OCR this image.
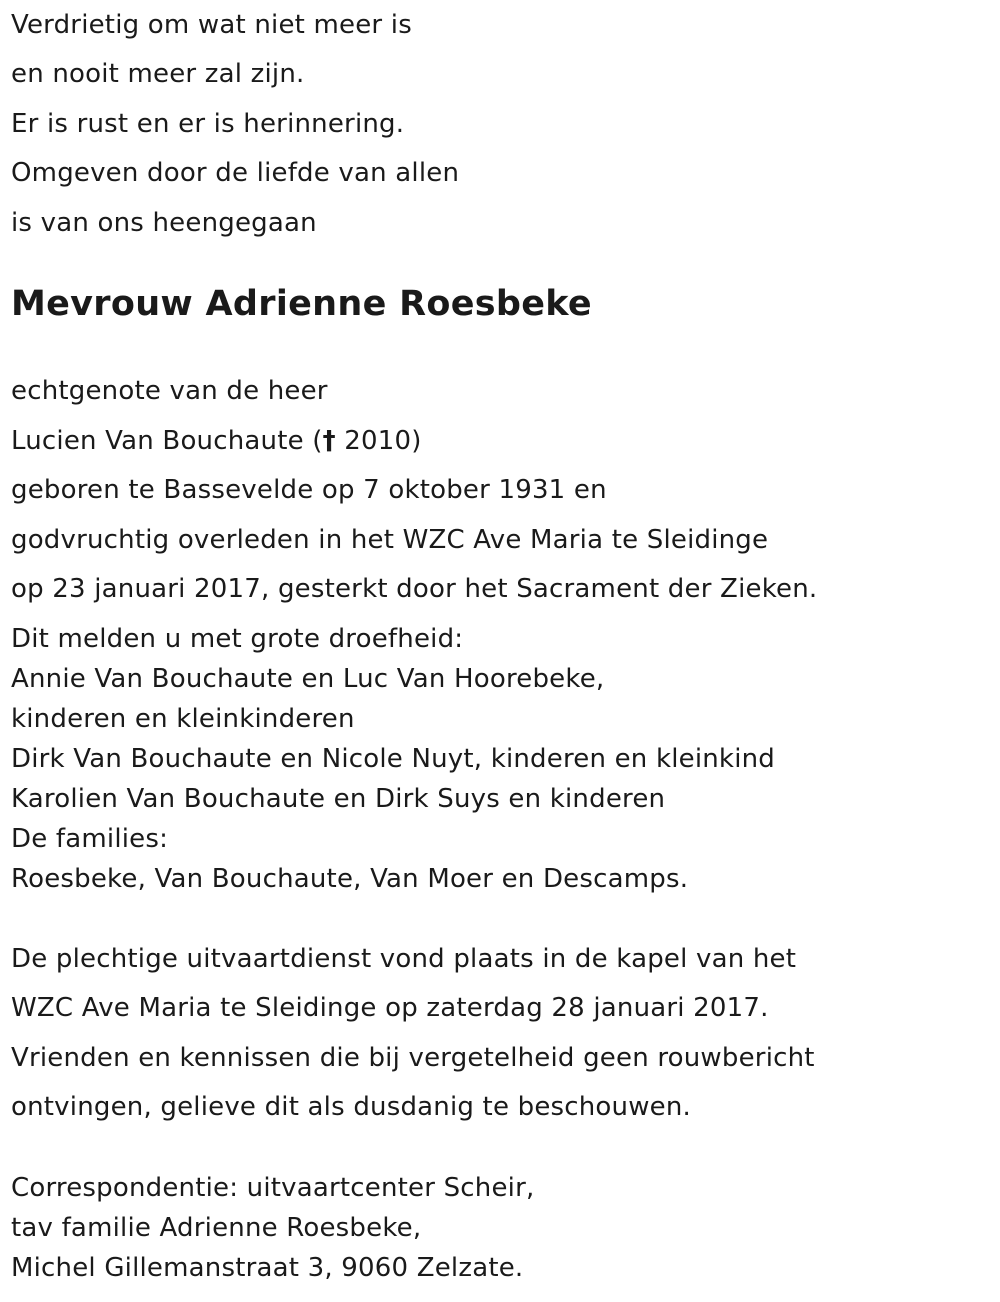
Verdrietig om wat niet meer is
en nooit meer zal zijn.
Er is rust en er is herinnering.
Omgeven door de liefde van allen
is van ons heengegaan
Mevrouw Adrienne Roesbeke
echtgenote van de heer
Lucien Van Bouchaute († 2010)
geboren te Bassevelde op 7 oktober 1931 en
godvruchtig overleden in het WZC Ave Maria te Sleidinge
op 23 januari 2017, gesterkt door het Sacrament der Zieken.
Dit melden u met grote droefheid:
Annie Van Bouchaute en Luc Van Hoorebeke,
kinderen en kleinkinderen
Dirk Van Bouchaute en Nicole Nuyt, kinderen en kleinkind
Karolien Van Bouchaute en Dirk Suys en kinderen
De families:
Roesbeke, Van Bouchaute, Van Moer en Descamps.
De plechtige uitvaartdienst vond plaats in de kapel van het
WZC Ave Maria te Sleidinge op zaterdag 28 januari 2017.
Vrienden en kennissen die bij vergetelheid geen rouwbericht
ontvingen, gelieve dit als dusdanig te beschouwen.
Correspondentie: uitvaartcenter Scheir,
tav familie Adrienne Roesbeke,
Michel Gillemanstraat 3, 9060 Zelzate.
